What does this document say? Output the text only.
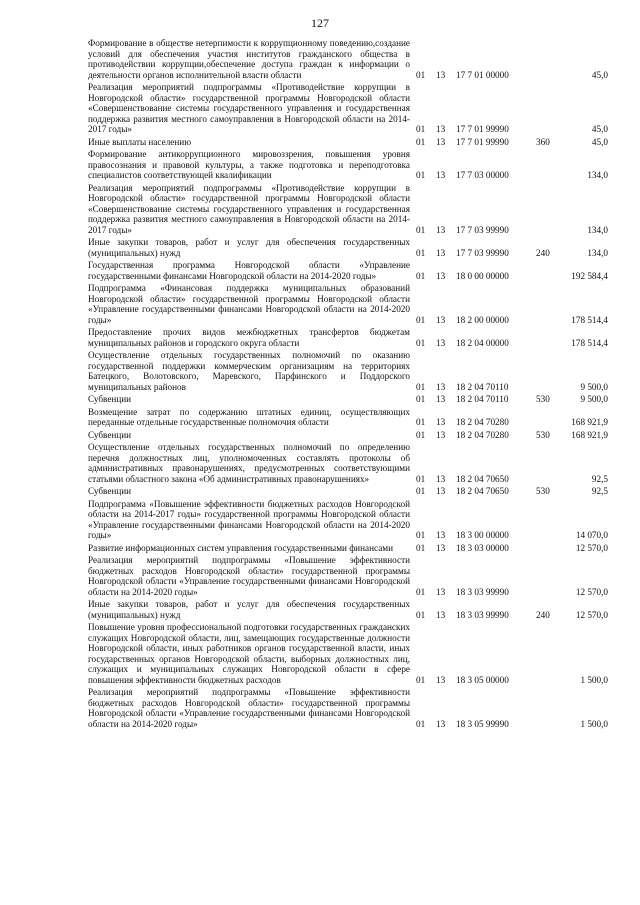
127
Формирование в обществе нетерпимости к коррупционному поведению,создание условий для обеспечения участия институтов гражданского общества в противодействии коррупции,обеспечение доступа граждан к информации о деятельности органов исполнительной власти области	01	13	17 7 01 00000	45,0
Реализация мероприятий подпрограммы «Противодействие коррупции в Новгородской области» государственной программы Новгородской области «Совершенствование системы государственного управления и государственная поддержка развития местного самоуправления в Новгородской области на 2014-2017 годы»	01	13	17 7 01 99990	45,0
Иные выплаты населению	01	13	17 7 01 99990	360	45,0
Формирование антикоррупционного мировоззрения, повышения уровня правосознания и правовой культуры, а также подготовка и переподготовка специалистов соответствующей квалификации	01	13	17 7 03 00000	134,0
Реализация мероприятий подпрограммы «Противодействие коррупции в Новгородской области» государственной программы Новгородской области «Совершенствование системы государственного управления и государственная поддержка развития местного самоуправления в Новгородской области на 2014-2017 годы»	01	13	17 7 03 99990	134,0
Иные закупки товаров, работ и услуг для обеспечения государственных (муниципальных) нужд	01	13	17 7 03 99990	240	134,0
Государственная программа Новгородской области «Управление государственными финансами Новгородской области на 2014-2020 годы»	01	13	18 0 00 00000	192 584,4
Подпрограмма «Финансовая поддержка муниципальных образований Новгородской области» государственной программы Новгородской области «Управление государственными финансами Новгородской области на 2014-2020 годы»	01	13	18 2 00 00000	178 514,4
Предоставление прочих видов межбюджетных трансфертов бюджетам муниципальных районов и городского округа области	01	13	18 2 04 00000	178 514,4
Осуществление отдельных государственных полномочий по оказанию государственной поддержки коммерческим организациям на территориях Батецкого, Волотовского, Маревского, Парфинского и Поддорского муниципальных районов	01	13	18 2 04 70110	9 500,0
Субвенции	01	13	18 2 04 70110	530	9 500,0
Возмещение затрат по содержанию штатных единиц, осуществляющих переданные отдельные государственные полномочия области	01	13	18 2 04 70280	168 921,9
Субвенции	01	13	18 2 04 70280	530	168 921,9
Осуществление отдельных государственных полномочий по определению перечня должностных лиц, уполномоченных составлять протоколы об административных правонарушениях, предусмотренных соответствующими статьями областного закона «Об административных правонарушениях»	01	13	18 2 04 70650	92,5
Субвенции	01	13	18 2 04 70650	530	92,5
Подпрограмма «Повышение эффективности бюджетных расходов Новгородской области на 2014-2017 годы» государственной программы Новгородской области «Управление государственными финансами Новгородской области на 2014-2020 годы»	01	13	18 3 00 00000	14 070,0
Развитие информационных систем управления государственными финансами	01	13	18 3 03 00000	12 570,0
Реализация мероприятий подпрограммы «Повышение эффективности бюджетных расходов Новгородской области» государственной программы Новгородской области «Управление государственными финансами Новгородской области на 2014-2020 годы»	01	13	18 3 03 99990	12 570,0
Иные закупки товаров, работ и услуг для обеспечения государственных (муниципальных) нужд	01	13	18 3 03 99990	240	12 570,0
Повышение уровня профессиональной подготовки государственных гражданских служащих Новгородской области, лиц, замещающих государственные должности Новгородской области, иных работников органов государственной власти, иных государственных органов Новгородской области, выборных должностных лиц, служащих и муниципальных служащих Новгородской области в сфере повышения эффективности бюджетных расходов	01	13	18 3 05 00000	1 500,0
Реализация мероприятий подпрограммы «Повышение эффективности бюджетных расходов Новгородской области» государственной программы Новгородской области «Управление государственными финансами Новгородской области на 2014-2020 годы»	01	13	18 3 05 99990	1 500,0
